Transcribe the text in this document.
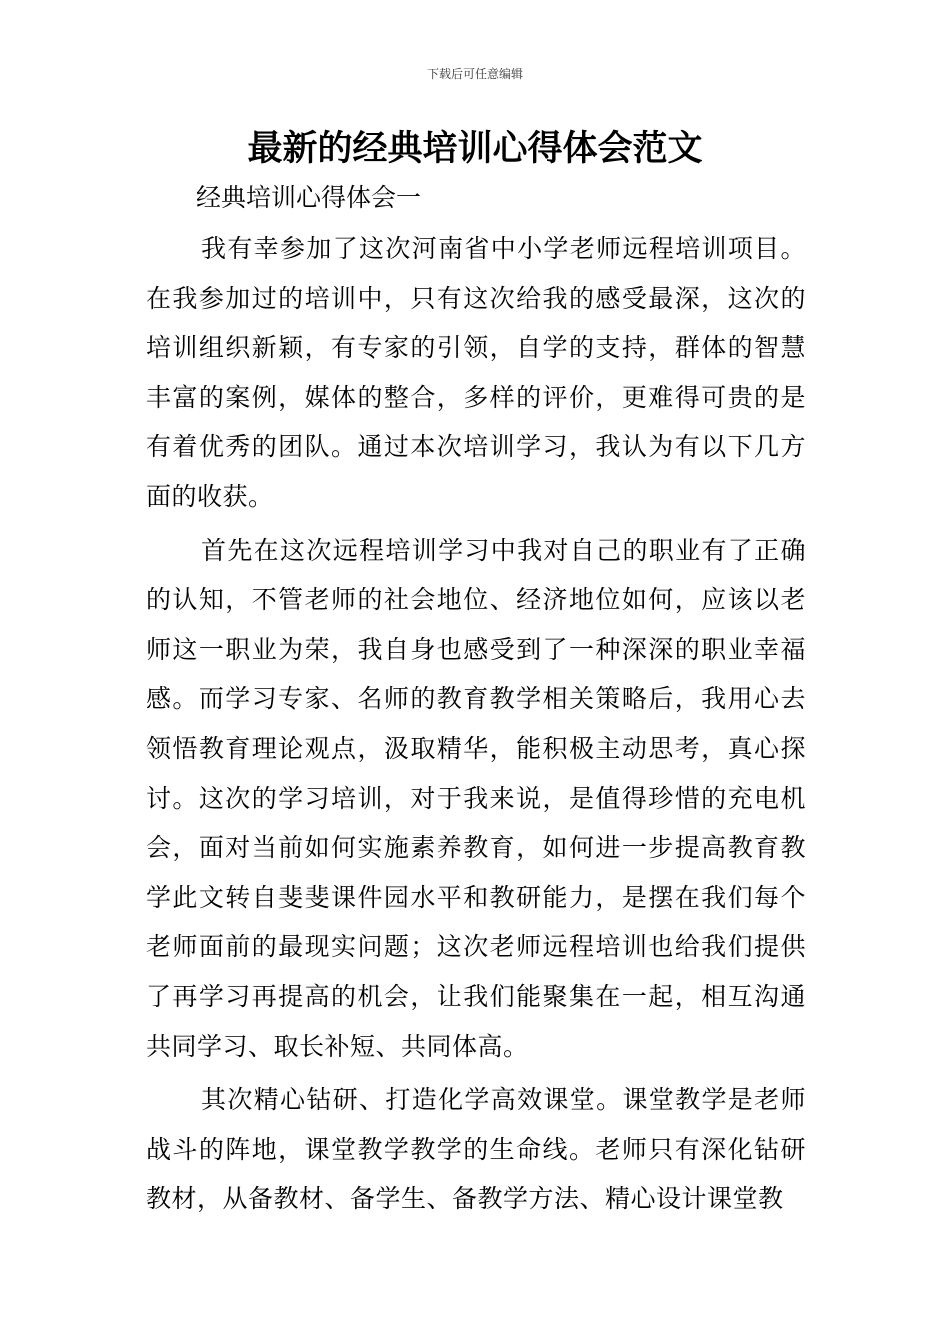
下载后可任意编辑
最新的经典培训心得体会范文

经典培训心得体会一

我有幸参加了这次河南省中小学老师远程培训项目。在我参加过的培训中，只有这次给我的感受最深，这次的培训组织新颖，有专家的引领，自学的支持，群体的智慧丰富的案例，媒体的整合，多样的评价，更难得可贵的是有着优秀的团队。通过本次培训学习，我认为有以下几方面的收获。

首先在这次远程培训学习中我对自己的职业有了正确的认知，不管老师的社会地位、经济地位如何，应该以老师这一职业为荣，我自身也感受到了一种深深的职业幸福感。而学习专家、名师的教育教学相关策略后，我用心去领悟教育理论观点，汲取精华，能积极主动思考，真心探讨。这次的学习培训，对于我来说，是值得珍惜的充电机会，面对当前如何实施素养教育，如何进一步提高教育教学此文转自斐斐课件园水平和教研能力，是摆在我们每个老师面前的最现实问题；这次老师远程培训也给我们提供了再学习再提高的机会，让我们能聚集在一起，相互沟通共同学习、取长补短、共同体高。

其次精心钻研、打造化学高效课堂。课堂教学是老师战斗的阵地，课堂教学教学的生命线。老师只有深化钻研教材，从备教材、备学生、备教学方法、精心设计课堂教
